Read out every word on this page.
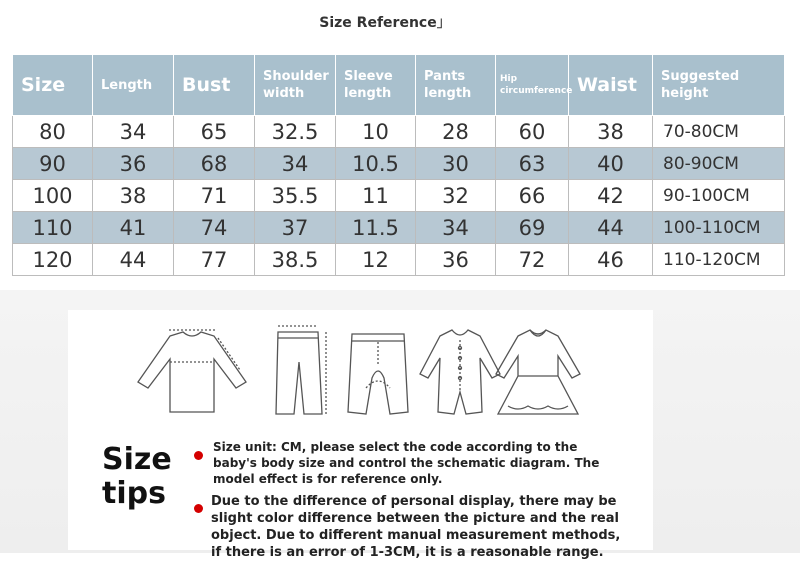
Size Reference」
Size	Length	Bust	Shoulder width	Sleeve length	Pants length	Hip circumference	Waist	Suggested height
80	34	65	32.5	10	28	60	38	70-80CM
90	36	68	34	10.5	30	63	40	80-90CM
100	38	71	35.5	11	32	66	42	90-100CM
110	41	74	37	11.5	34	69	44	100-110CM
120	44	77	38.5	12	36	72	46	110-120CM
Size
tips
Size unit: CM, please select the code according to the baby's body size and control the schematic diagram. The model effect is for reference only.
Due to the difference of personal display, there may be slight color difference between the picture and the real object. Due to different manual measurement methods, if there is an error of 1-3CM, it is a reasonable range.
